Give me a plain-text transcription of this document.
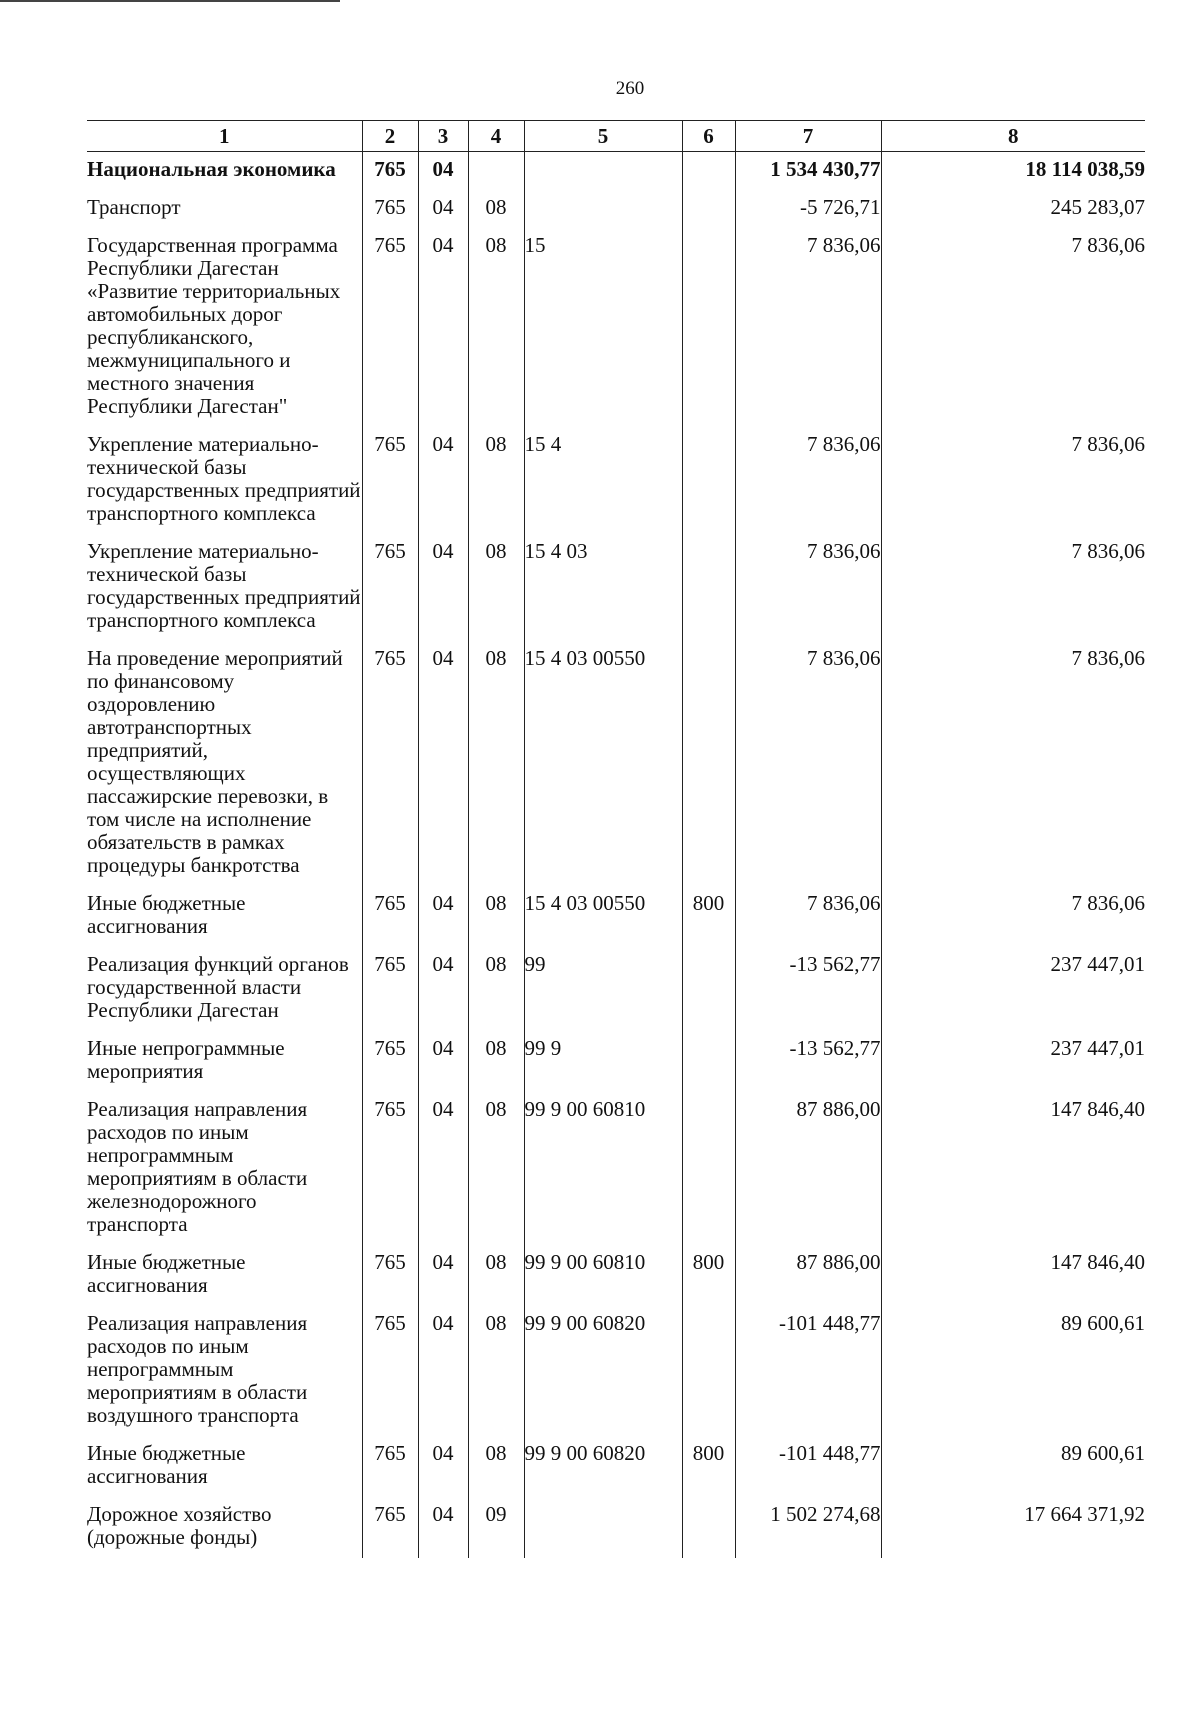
260
1	2	3	4	5	6	7	8
Национальная экономика	765	04				1 534 430,77	18 114 038,59
Транспорт	765	04	08			-5 726,71	245 283,07
Государственная программа Республики Дагестан «Развитие территориальных автомобильных дорог республиканского, межмуниципального и местного значения Республики Дагестан"	765	04	08	15		7 836,06	7 836,06
Укрепление материально-технической базы государственных предприятий транспортного комплекса	765	04	08	15 4		7 836,06	7 836,06
Укрепление материально-технической базы государственных предприятий транспортного комплекса	765	04	08	15 4 03		7 836,06	7 836,06
На проведение мероприятий по финансовому оздоровлению автотранспортных предприятий, осуществляющих пассажирские перевозки, в том числе на исполнение обязательств в рамках процедуры банкротства	765	04	08	15 4 03 00550		7 836,06	7 836,06
Иные бюджетные ассигнования	765	04	08	15 4 03 00550	800	7 836,06	7 836,06
Реализация функций органов государственной власти Республики Дагестан	765	04	08	99		-13 562,77	237 447,01
Иные непрограммные мероприятия	765	04	08	99 9		-13 562,77	237 447,01
Реализация направления расходов по иным непрограммным мероприятиям в области железнодорожного транспорта	765	04	08	99 9 00 60810		87 886,00	147 846,40
Иные бюджетные ассигнования	765	04	08	99 9 00 60810	800	87 886,00	147 846,40
Реализация направления расходов по иным непрограммным мероприятиям в области воздушного транспорта	765	04	08	99 9 00 60820		-101 448,77	89 600,61
Иные бюджетные ассигнования	765	04	08	99 9 00 60820	800	-101 448,77	89 600,61
Дорожное хозяйство (дорожные фонды)	765	04	09			1 502 274,68	17 664 371,92
